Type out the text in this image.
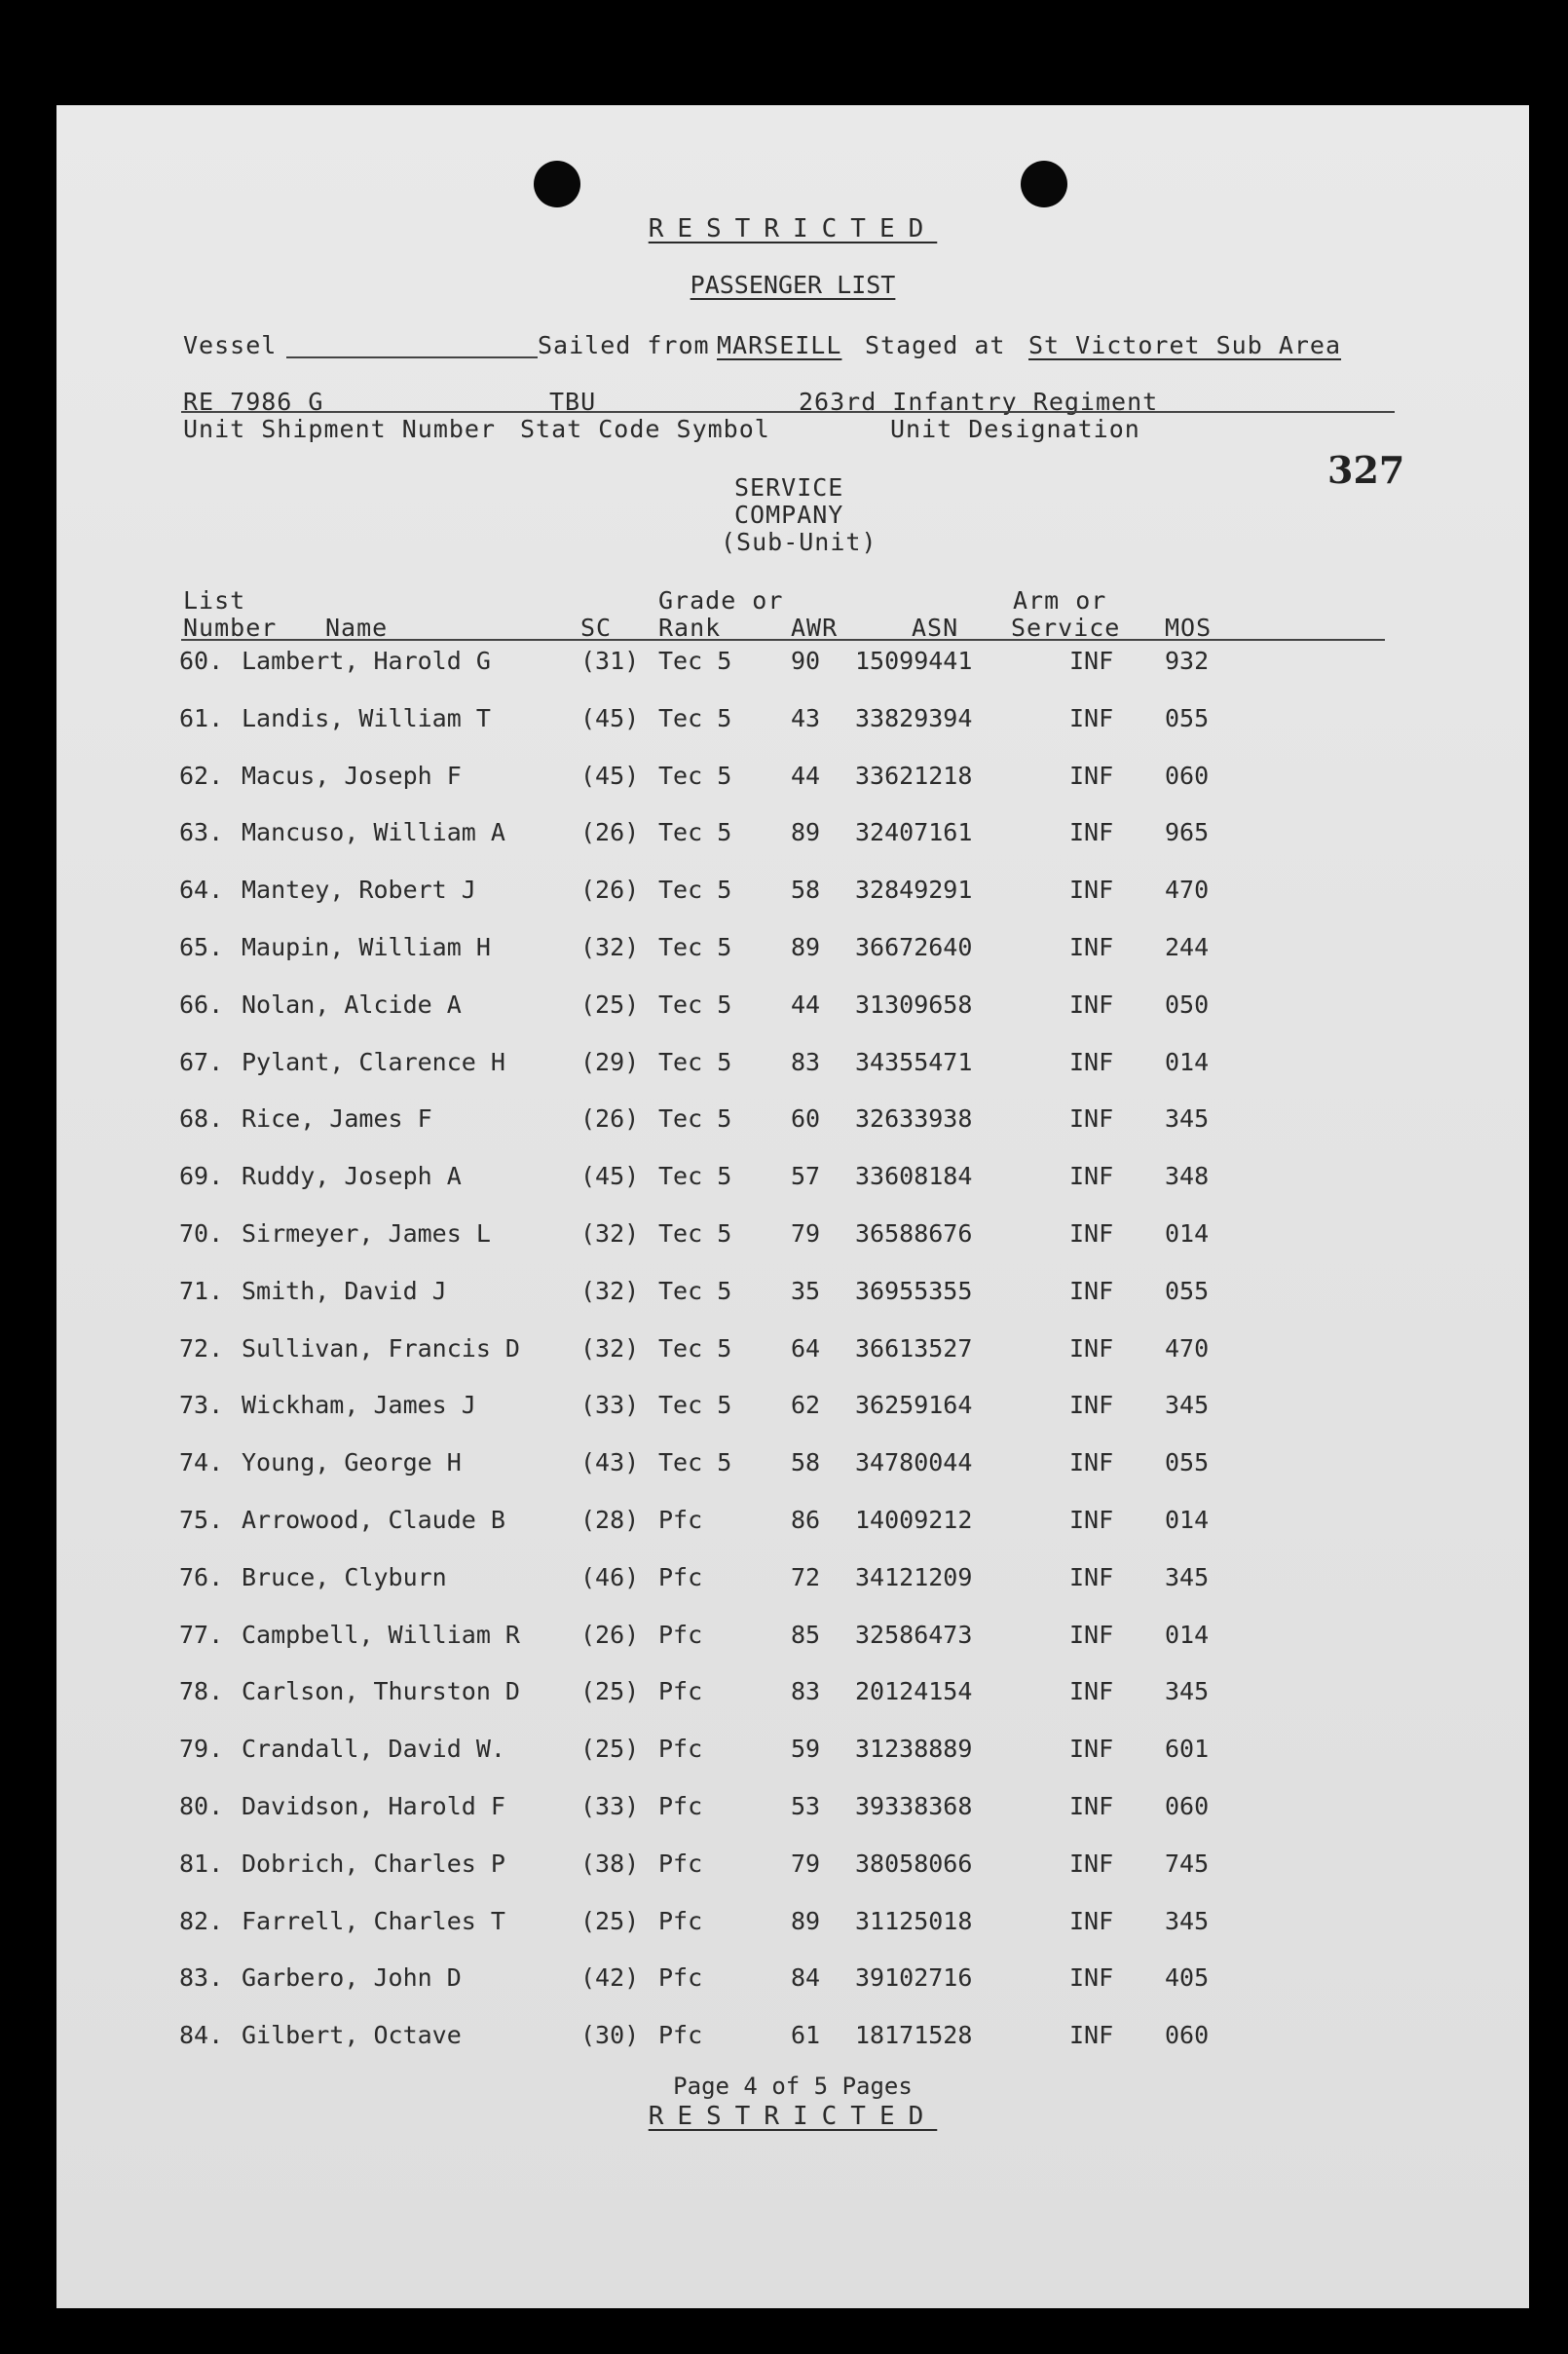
RESTRICTED
PASSENGER LIST
Vessel	Sailed from MARSEILL Staged at St Victoret Sub Area
RE 7986 G	TBU	263rd Infantry Regiment
Unit Shipment Number Stat Code Symbol	Unit Designation
327
SERVICE
COMPANY
(Sub-Unit)
List	Grade or	Arm or
Number Name	SC Rank	AWR	ASN Service MOS
60. Lambert, Harold G	(31) Tec 5 90 15099441	INF 932
61. Landis, William T	(45) Tec 5 43 33829394	INF 055
62. Macus, Joseph F	(45) Tec 5 44 33621218	INF 060
63. Mancuso, William A	(26) Tec 5 89 32407161	INF 965
64. Mantey, Robert J	(26) Tec 5 58 32849291	INF 470
65. Maupin, William H	(32) Tec 5 89 36672640	INF 244
66. Nolan, Alcide A	(25) Tec 5 44 31309658	INF 050
67. Pylant, Clarence H	(29) Tec 5 83 34355471	INF 014
68. Rice, James F	(26) Tec 5 60 32633938	INF 345
69. Ruddy, Joseph A	(45) Tec 5 57 33608184	INF 348
70. Sirmeyer, James L	(32) Tec 5 79 36588676	INF 014
71. Smith, David J	(32) Tec 5 35 36955355	INF 055
72. Sullivan, Francis D (32) Tec 5 64 36613527	INF 470
73. Wickham, James J	(33) Tec 5 62 36259164	INF 345
74. Young, George H	(43) Tec 5 58 34780044	INF 055
75. Arrowood, Claude B	(28) Pfc	86 14009212	INF 014
76. Bruce, Clyburn	(46) Pfc	72 34121209	INF 345
77. Campbell, William R (26) Pfc	85 32586473	INF 014
78. Carlson, Thurston D (25) Pfc	83 20124154	INF 345
79. Crandall, David W.	(25) Pfc	59 31238889	INF 601
80. Davidson, Harold F	(33) Pfc	53 39338368	INF 060
81. Dobrich, Charles P	(38) Pfc	79 38058066	INF 745
82. Farrell, Charles T	(25) Pfc	89 31125018	INF 345
83. Garbero, John D	(42) Pfc	84 39102716	INF 405
84. Gilbert, Octave	(30) Pfc	61 18171528	INF 060
Page 4 of 5 Pages
RESTRICTED
